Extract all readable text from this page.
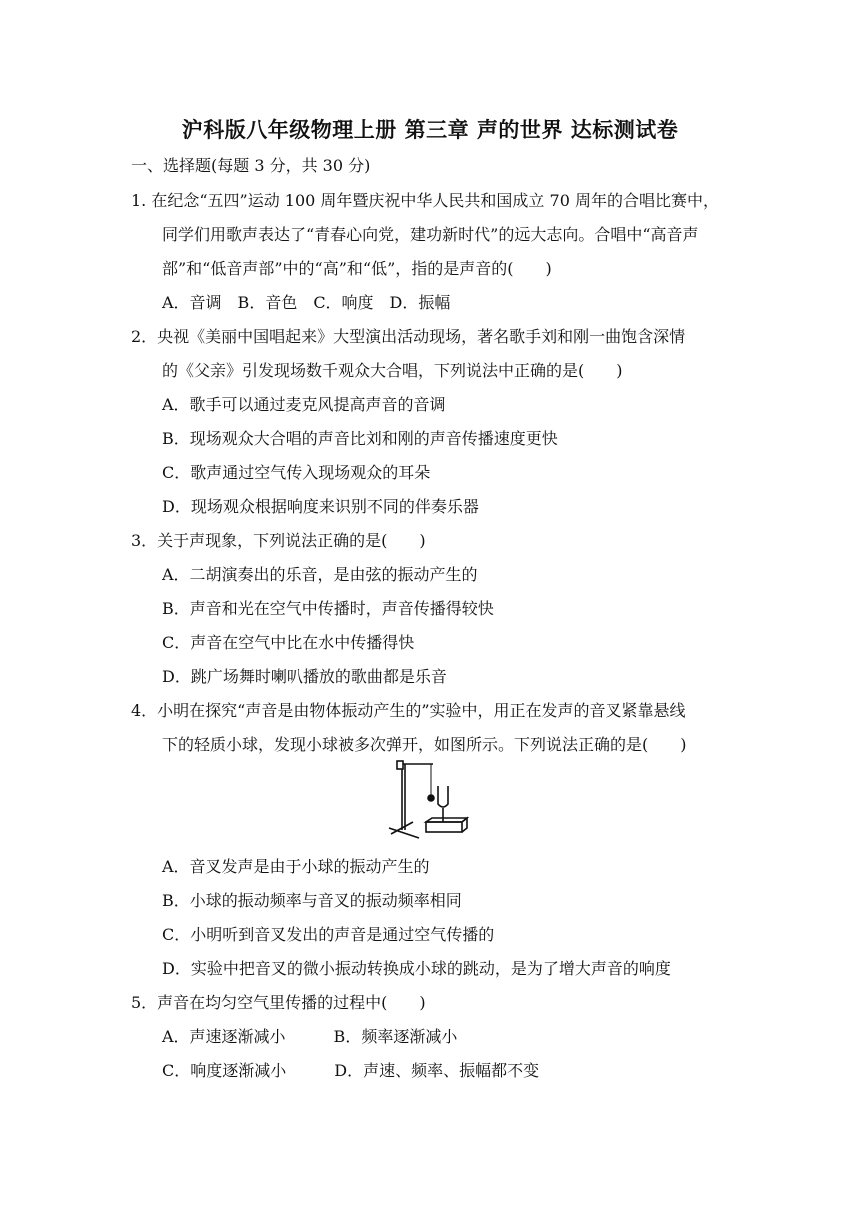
沪科版八年级物理上册 第三章 声的世界 达标测试卷
一、选择题(每题 3 分，共 30 分)
1. 在纪念“五四”运动 100 周年暨庆祝中华人民共和国成立 70 周年的合唱比赛中，
同学们用歌声表达了“青春心向党，建功新时代”的远大志向。合唱中“高音声
部”和“低音声部”中的“高”和“低”，指的是声音的(　　)
A．音调　B．音色　C．响度　D．振幅
2．央视《美丽中国唱起来》大型演出活动现场，著名歌手刘和刚一曲饱含深情
的《父亲》引发现场数千观众大合唱，下列说法中正确的是(　　)
A．歌手可以通过麦克风提高声音的音调
B．现场观众大合唱的声音比刘和刚的声音传播速度更快
C．歌声通过空气传入现场观众的耳朵
D．现场观众根据响度来识别不同的伴奏乐器
3．关于声现象，下列说法正确的是(　　)
A．二胡演奏出的乐音，是由弦的振动产生的
B．声音和光在空气中传播时，声音传播得较快
C．声音在空气中比在水中传播得快
D．跳广场舞时喇叭播放的歌曲都是乐音
4．小明在探究“声音是由物体振动产生的”实验中，用正在发声的音叉紧靠悬线
下的轻质小球，发现小球被多次弹开，如图所示。下列说法正确的是(　　)
A．音叉发声是由于小球的振动产生的
B．小球的振动频率与音叉的振动频率相同
C．小明听到音叉发出的声音是通过空气传播的
D．实验中把音叉的微小振动转换成小球的跳动，是为了增大声音的响度
5．声音在均匀空气里传播的过程中(　　)
A．声速逐渐减小　　　B．频率逐渐减小
C．响度逐渐减小　　　D．声速、频率、振幅都不变
